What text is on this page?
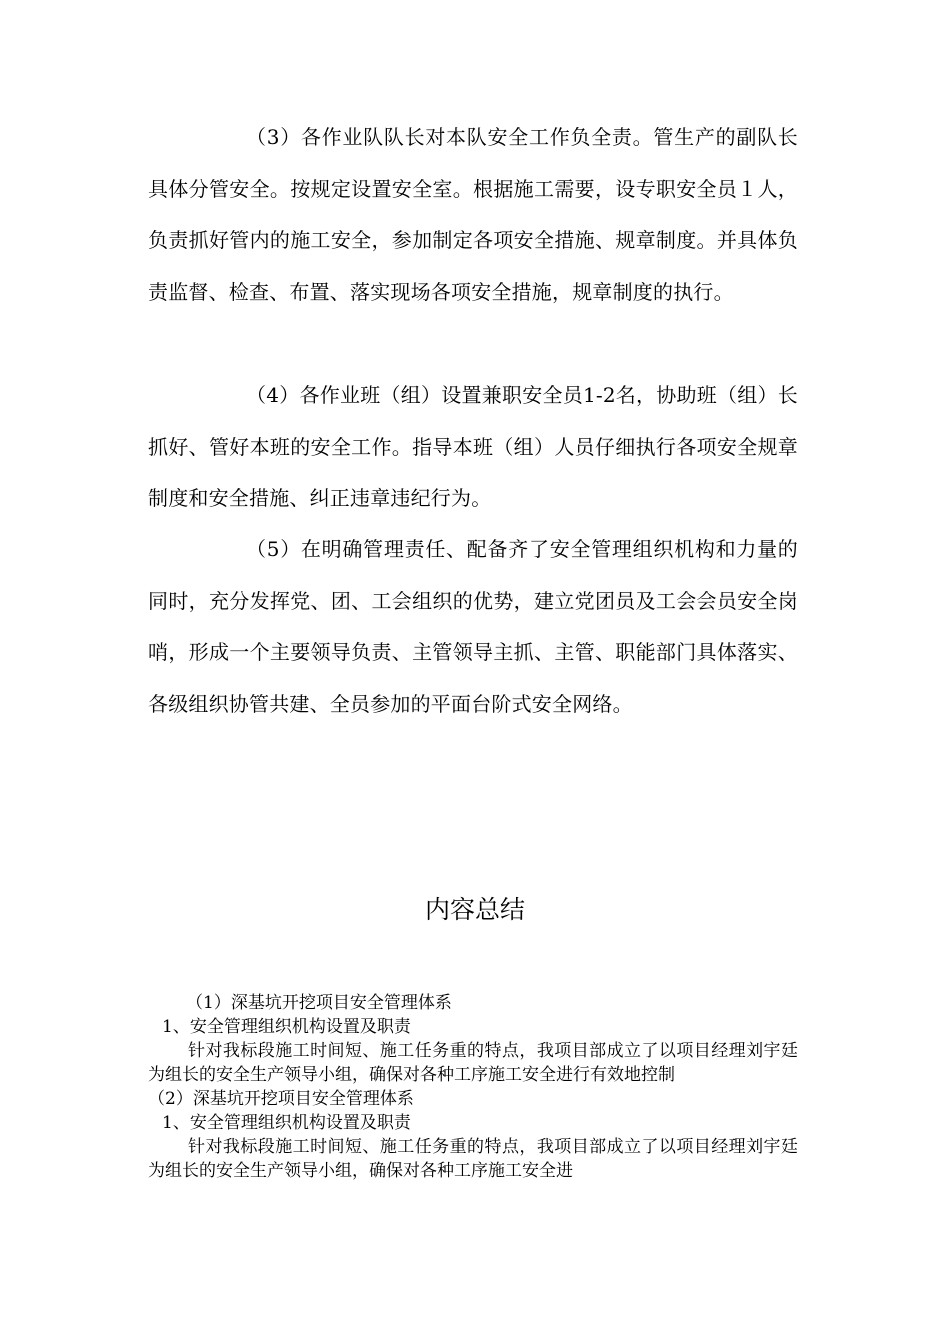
（3）各作业队队长对本队安全工作负全责。管生产的副队长具体分管安全。按规定设置安全室。根据施工需要，设专职安全员１人，负责抓好管内的施工安全，参加制定各项安全措施、规章制度。并具体负责监督、检查、布置、落实现场各项安全措施，规章制度的执行。

（4）各作业班（组）设置兼职安全员1-2名，协助班（组）长抓好、管好本班的安全工作。指导本班（组）人员仔细执行各项安全规章制度和安全措施、纠正违章违纪行为。

（5）在明确管理责任、配备齐了安全管理组织机构和力量的同时，充分发挥党、团、工会组织的优势，建立党团员及工会会员安全岗哨，形成一个主要领导负责、主管领导主抓、主管、职能部门具体落实、各级组织协管共建、全员参加的平面台阶式安全网络。

内容总结
（1）深基坑开挖项目安全管理体系
1、安全管理组织机构设置及职责
针对我标段施工时间短、施工任务重的特点，我项目部成立了以项目经理刘宇廷为组长的安全生产领导小组，确保对各种工序施工安全进行有效地控制
（2）深基坑开挖项目安全管理体系
1、安全管理组织机构设置及职责
针对我标段施工时间短、施工任务重的特点，我项目部成立了以项目经理刘宇廷为组长的安全生产领导小组，确保对各种工序施工安全进
